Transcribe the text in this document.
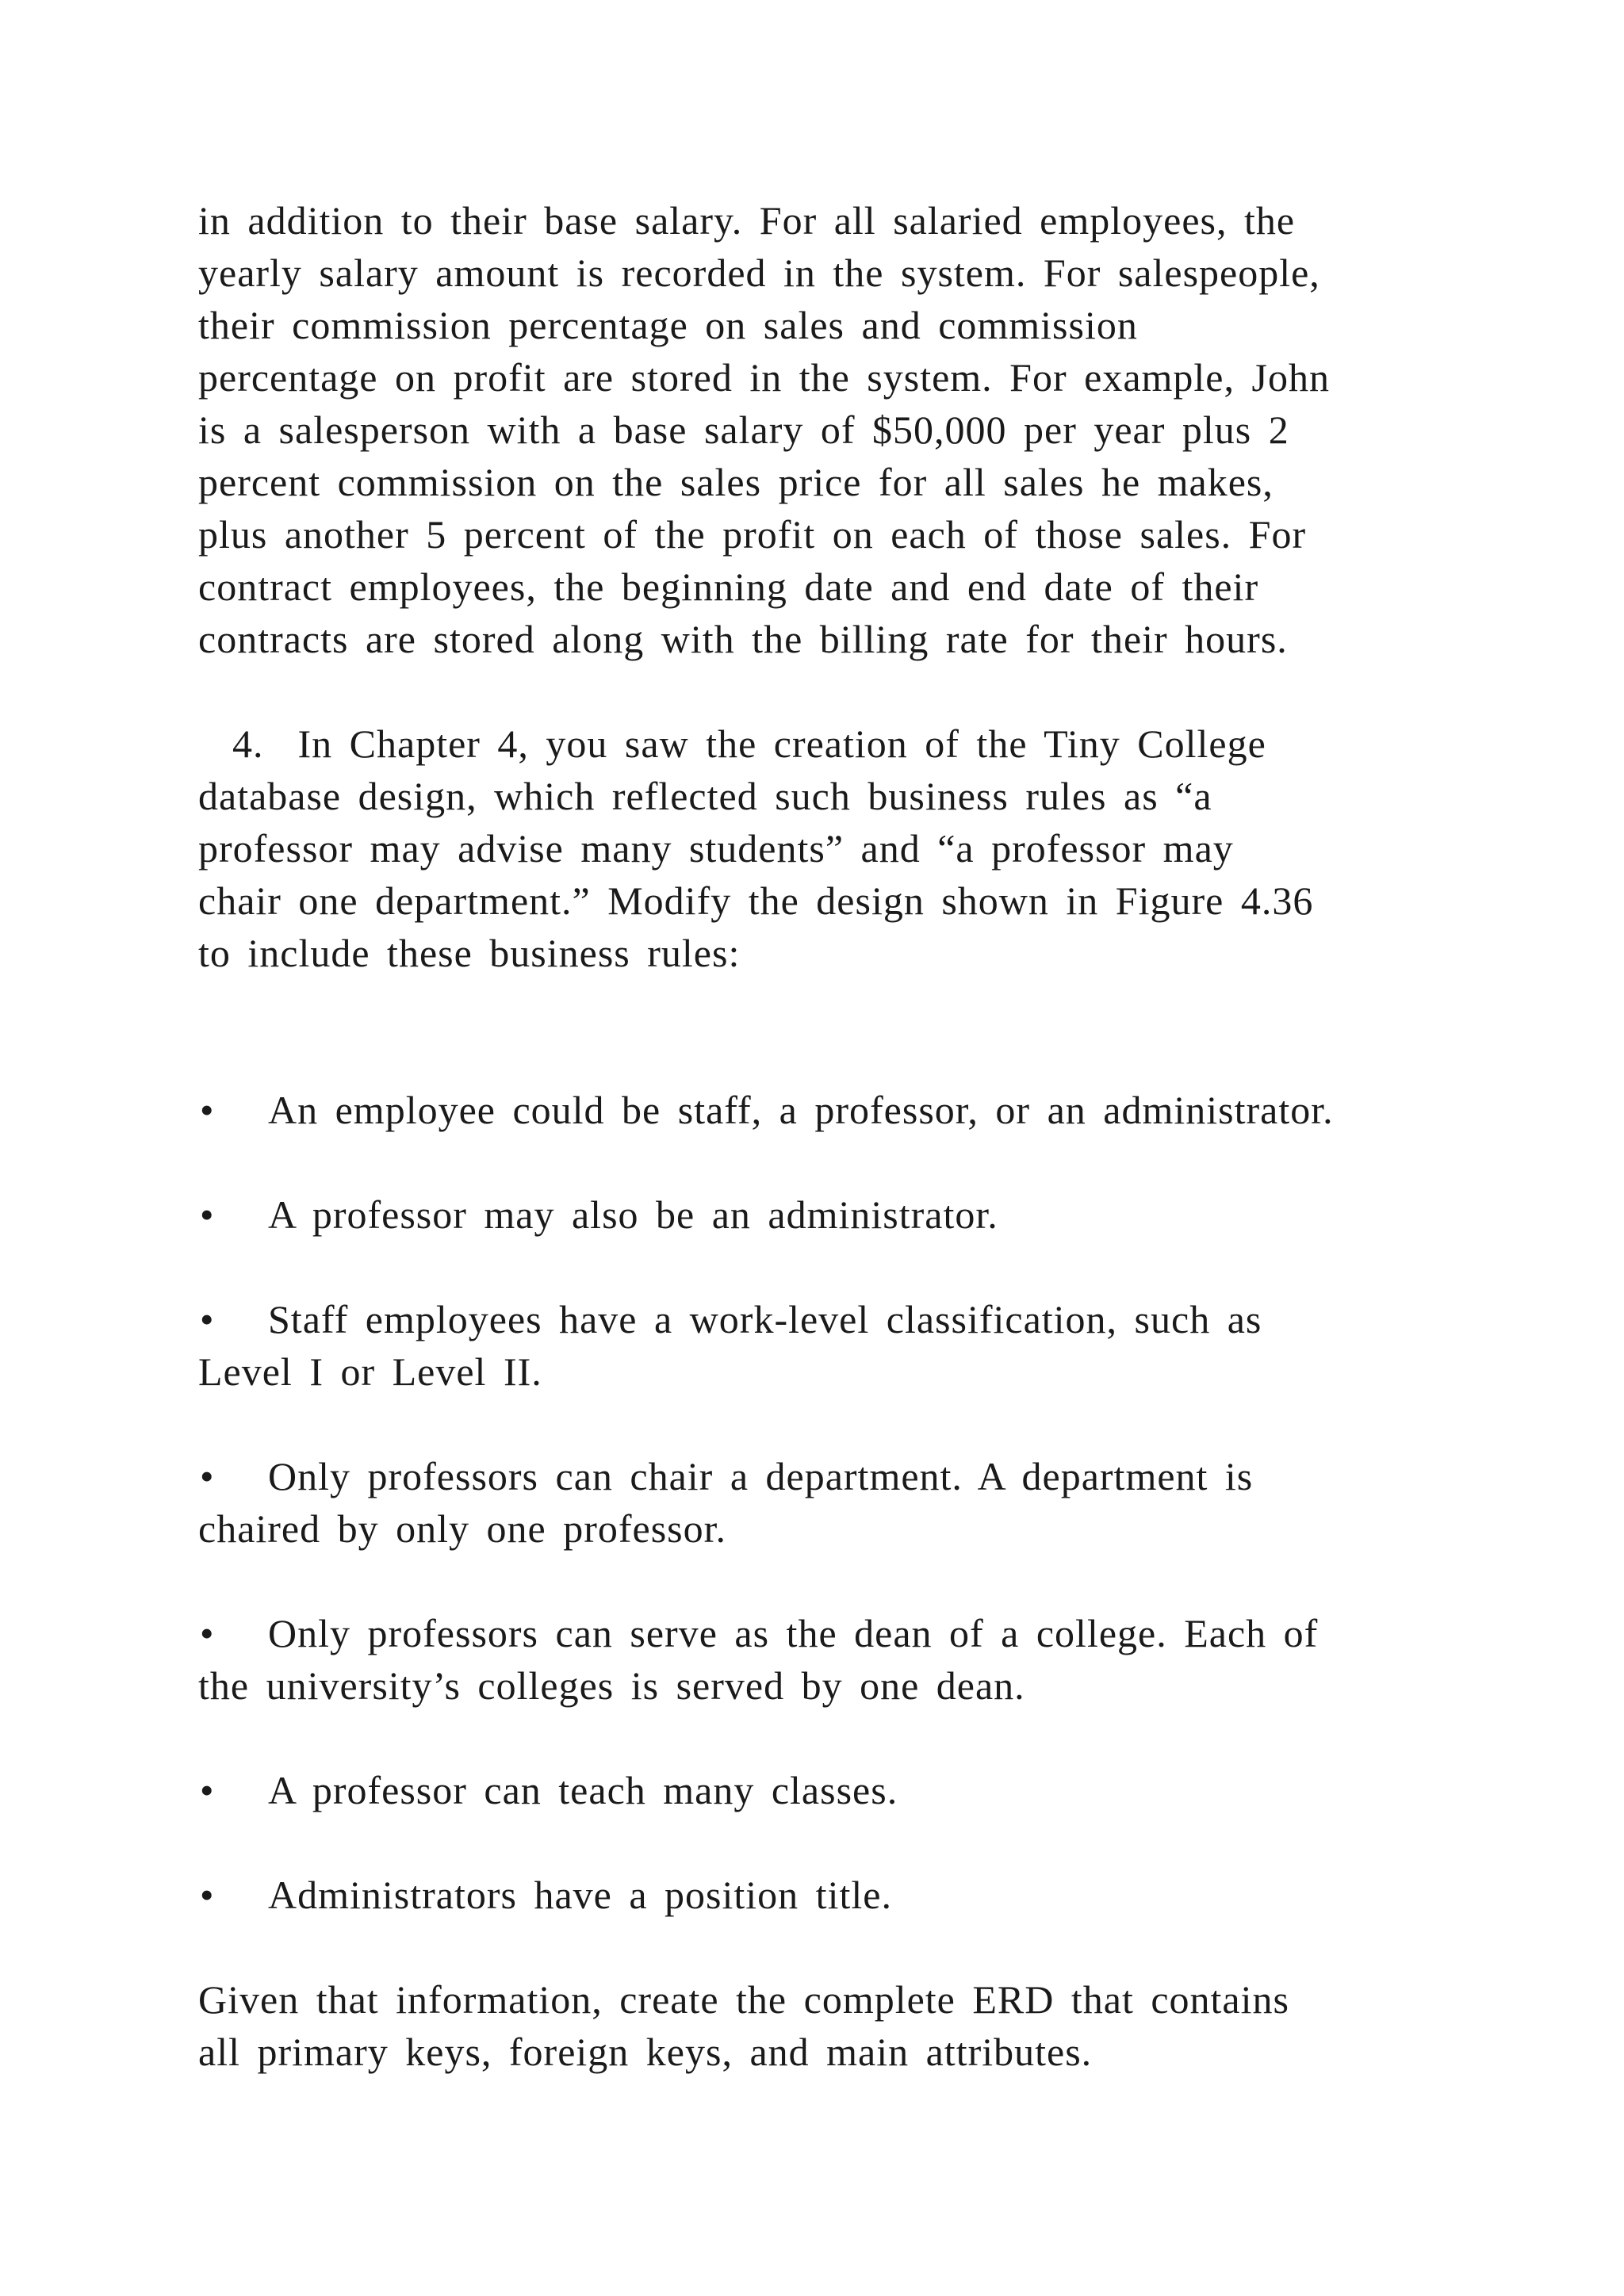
in addition to their base salary. For all salaried employees, the

yearly salary amount is recorded in the system. For salespeople,

their commission percentage on sales and commission

percentage on profit are stored in the system. For example, John

is a salesperson with a base salary of $50,000 per year plus 2

percent commission on the sales price for all sales he makes,

plus another 5 percent of the profit on each of those sales. For

contract employees, the beginning date and end date of their

contracts are stored along with the billing rate for their hours.

4.  In Chapter 4, you saw the creation of the Tiny College

database design, which reflected such business rules as “a

professor may advise many students” and “a professor may

chair one department.” Modify the design shown in Figure 4.36

to include these business rules:

• An employee could be staff, a professor, or an administrator.

• A professor may also be an administrator.

• Staff employees have a work-level classification, such as

Level I or Level II.

• Only professors can chair a department. A department is

chaired by only one professor.

• Only professors can serve as the dean of a college. Each of

the university’s colleges is served by one dean.

• A professor can teach many classes.

• Administrators have a position title.

Given that information, create the complete ERD that contains

all primary keys, foreign keys, and main attributes.
